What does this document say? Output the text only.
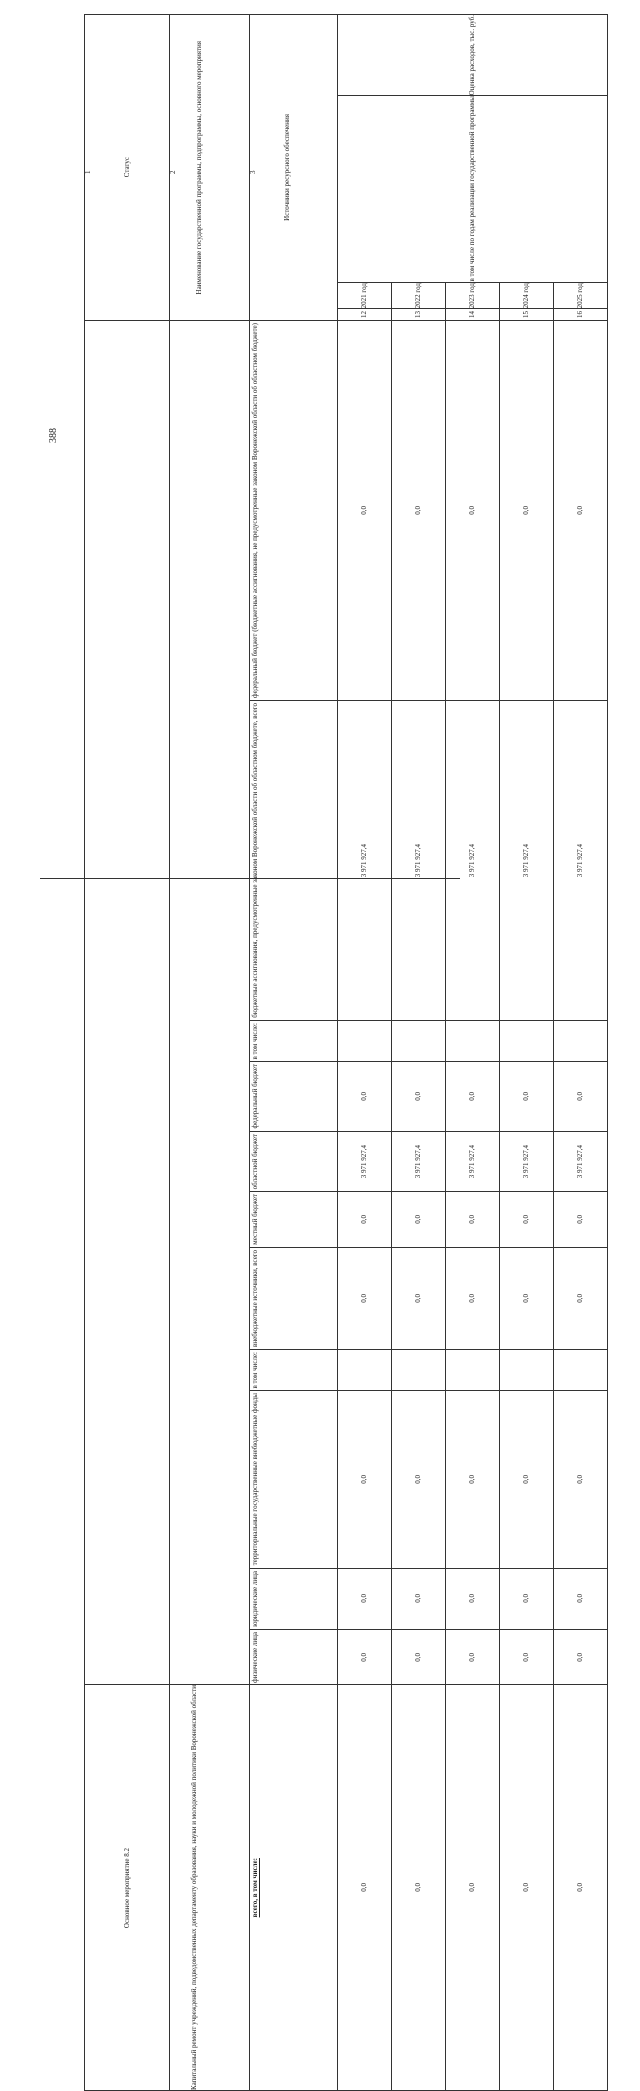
388
Статус	Наименование государственной программы, подпрограммы, основного мероприятия	Источники ресурсного обеспечения	Оценка расходов, тыс. руб.				

			в том числе по годам реализации государственной программы				

			2021 год	2022 год	2023 год	2024 год	2025 год

			12	13	14	15	16

		федеральный бюджет (бюджетные ассигнования, не предусмотренные законом Воронежской области об областном бюджете)	0,0	0,0	0,0	0,0	0,0

		бюджетные ассигнования, предусмотренные законом Воронежской области об областном бюджете, всего	3 971 927,4	3 971 927,4	3 971 927,4	3 971 927,4	3 971 927,4

		в том числе:					

		федеральный бюджет	0,0	0,0	0,0	0,0	0,0

		областной бюджет	3 971 927,4	3 971 927,4	3 971 927,4	3 971 927,4	3 971 927,4

		местный бюджет	0,0	0,0	0,0	0,0	0,0

		внебюджетные источники, всего	0,0	0,0	0,0	0,0	0,0

		в том числе:					

		территориальные государственные внебюджетные фонды	0,0	0,0	0,0	0,0	0,0

		юридические лица	0,0	0,0	0,0	0,0	0,0

		физические лица	0,0	0,0	0,0	0,0	0,0

Основное мероприятие 8.2	Капитальный ремонт учреждений, подведомственных департаменту образования, науки и молодежной политики Воронежской области	всего, в том числе:	0,0	0,0	0,0	0,0	0,0
1	2	3
